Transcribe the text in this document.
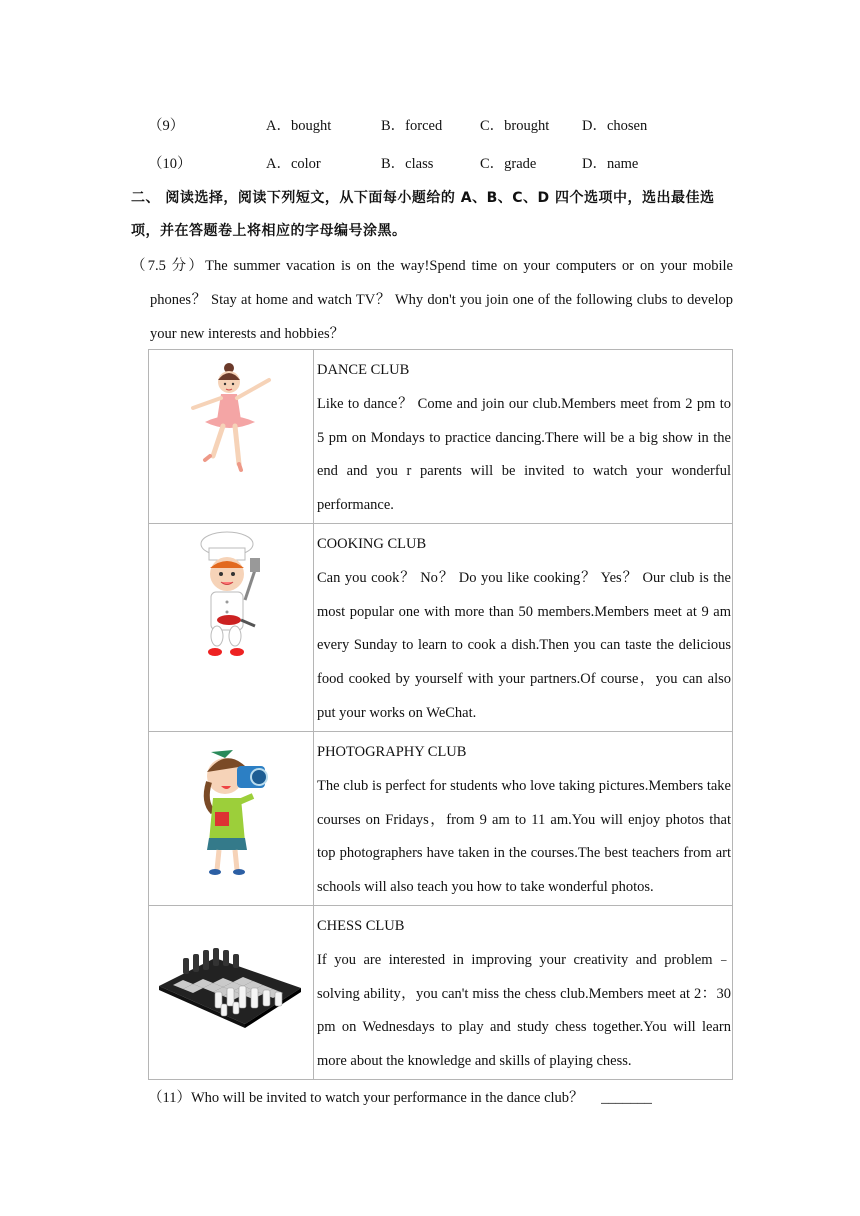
（9）	A．bought	B．forced	C．brought D．chosen
（10）	A．color	B．class	C．grade	D．name
二、 阅读选择，阅读下列短文，从下面每小题给的 A、B、C、D 四个选项中，选出最佳选项，并在答题卷上将相应的字母编号涂黑。
（7.5 分）The summer vacation is on the way!Spend time on your computers or on your mobile phones？ Stay at home and watch TV？ Why don't you join one of the following clubs to develop your new interests and hobbies？

DANCE CLUB
Like to dance？ Come and join our club.Members meet from 2 pm to 5 pm on Mondays to practice dancing.There will be a big show in the end and you r parents will be invited to watch your wonderful performance.

COOKING CLUB
Can you cook？ No？ Do you like cooking？ Yes？ Our club is the most popular one with more than 50 members.Members meet at 9 am every Sunday to learn to cook a dish.Then you can taste the delicious food cooked by yourself with your partners.Of course，you can also put your works on WeChat.

PHOTOGRAPHY CLUB
The club is perfect for students who love taking pictures.Members take courses on Fridays，from 9 am to 11 am.You will enjoy photos that top photographers have taken in the courses.The best teachers from art schools will also teach you how to take wonderful photos.

CHESS CLUB
If you are interested in improving your creativity and problem﹣solving ability，you can't miss the chess club.Members meet at 2：30 pm on Wednesdays to play and study chess together.You will learn more about the knowledge and skills of playing chess.
（11）Who will be invited to watch your performance in the dance club？ _______
